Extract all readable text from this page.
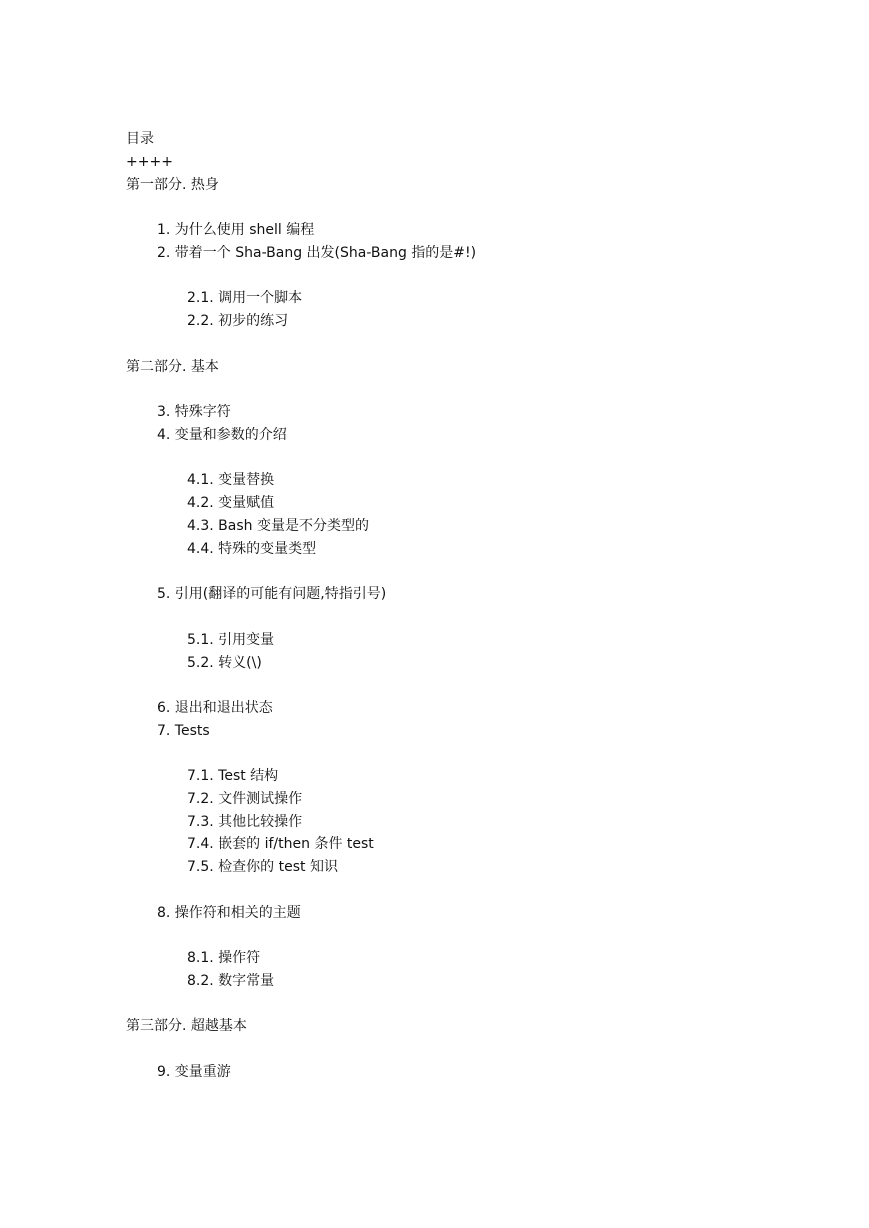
目录
++++
第一部分. 热身
1. 为什么使用 shell 编程
2. 带着一个 Sha-Bang 出发(Sha-Bang 指的是#!)
2.1. 调用一个脚本
2.2. 初步的练习
第二部分. 基本
3. 特殊字符
4. 变量和参数的介绍
4.1. 变量替换
4.2. 变量赋值
4.3. Bash 变量是不分类型的
4.4. 特殊的变量类型
5. 引用(翻译的可能有问题,特指引号)
5.1. 引用变量
5.2. 转义(\)
6. 退出和退出状态
7. Tests
7.1. Test 结构
7.2. 文件测试操作
7.3. 其他比较操作
7.4. 嵌套的 if/then 条件 test
7.5. 检查你的 test 知识
8. 操作符和相关的主题
8.1. 操作符
8.2. 数字常量
第三部分. 超越基本
9. 变量重游
